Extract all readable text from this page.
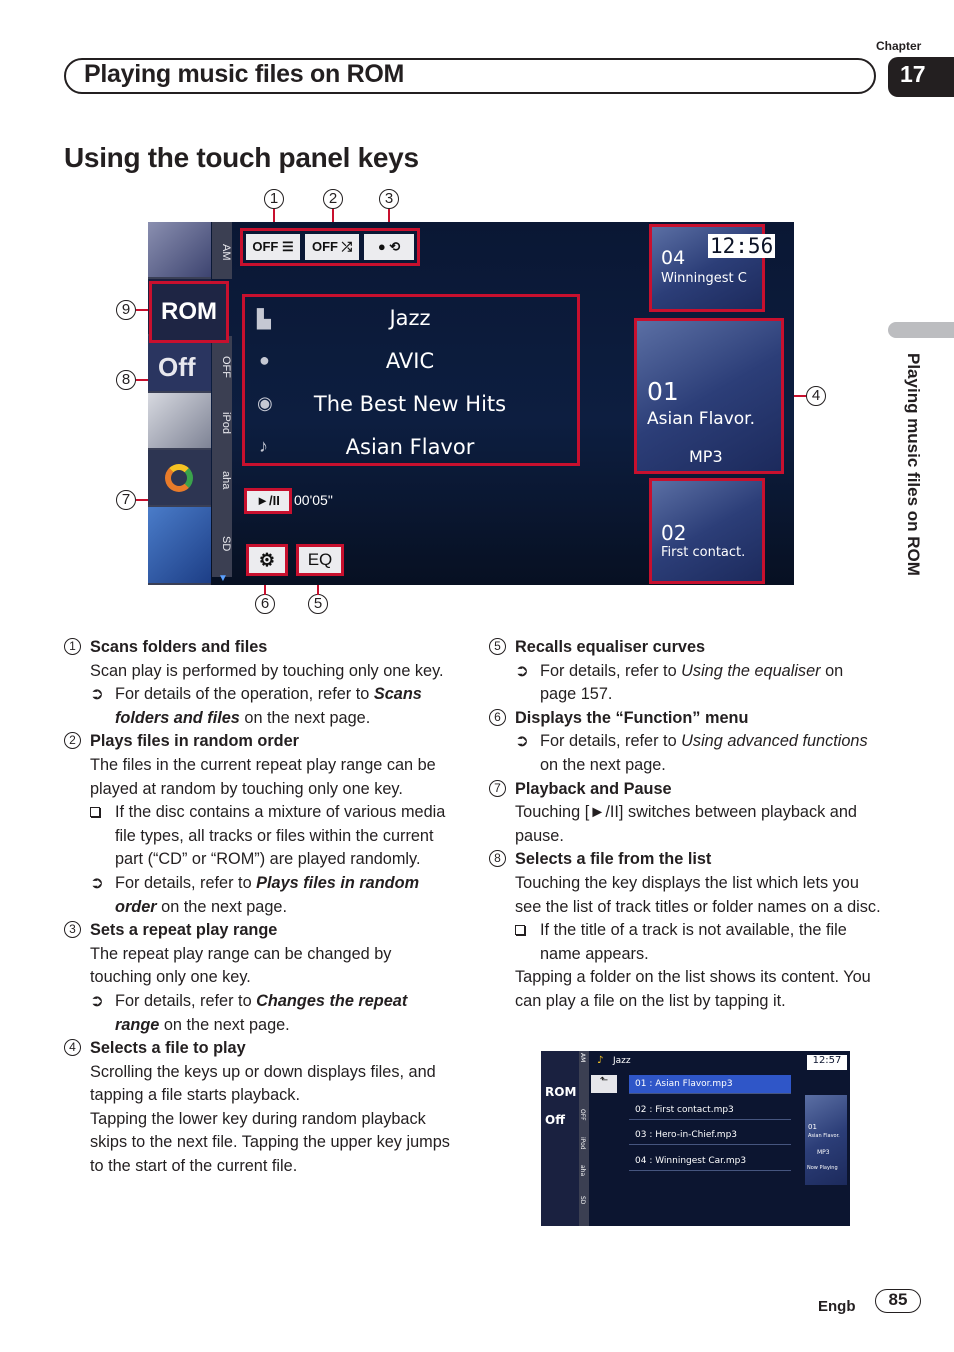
Playing music files on ROM
Chapter
17
Playing music files on ROM
Using the touch panel keys
1	2	3
9
8
4
7
6	5
AM
OFF
iPod
aha
SD
▼
ROM
Off
OFF ☰	OFF ⤮	● ⟲
Jazz
AVIC
The Best New Hits
Asian Flavor
▙
●
◉
♪
►/II	00'05"
⚙	EQ
04
Winningest C
12:56
01
Asian Flavor.
MP3
02
First contact.

1 Scans folders and files

Scan play is performed by touching only one key.

➲ For details of the operation, refer to Scans folders and files on the next page.

2 Plays files in random order

The files in the current repeat play range can be played at random by touching only one key.

If the disc contains a mixture of various media file types, all tracks or files within the current part (“CD” or “ROM”) are played randomly.

➲ For details, refer to Plays files in random order on the next page.

3 Sets a repeat play range

The repeat play range can be changed by touching only one key.

➲ For details, refer to Changes the repeat range on the next page.

4 Selects a file to play

Scrolling the keys up or down displays files, and tapping a file starts playback.

Tapping the lower key during random playback skips to the next file. Tapping the upper key jumps to the start of the current file.

5 Recalls equaliser curves

➲ For details, refer to Using the equaliser on page 157.

6 Displays the “Function” menu

➲ For details, refer to Using advanced functions on the next page.

7 Playback and Pause

Touching [►/II] switches between playback and pause.

8 Selects a file from the list

Touching the key displays the list which lets you see the list of track titles or folder names on a disc.

If the title of a track is not available, the file name appears.

Tapping a folder on the list shows its content. You can play a file on the list by tapping it.

AM
OFF
iPod
aha
SD
ROM
Off
♪ Jazz	12:57
⬑	01 : Asian Flavor.mp3
02 : First contact.mp3
03 : Hero-in-Chief.mp3
04 : Winningest Car.mp3
01
Asian Flavor.
MP3
Now Playing
Engb	85
